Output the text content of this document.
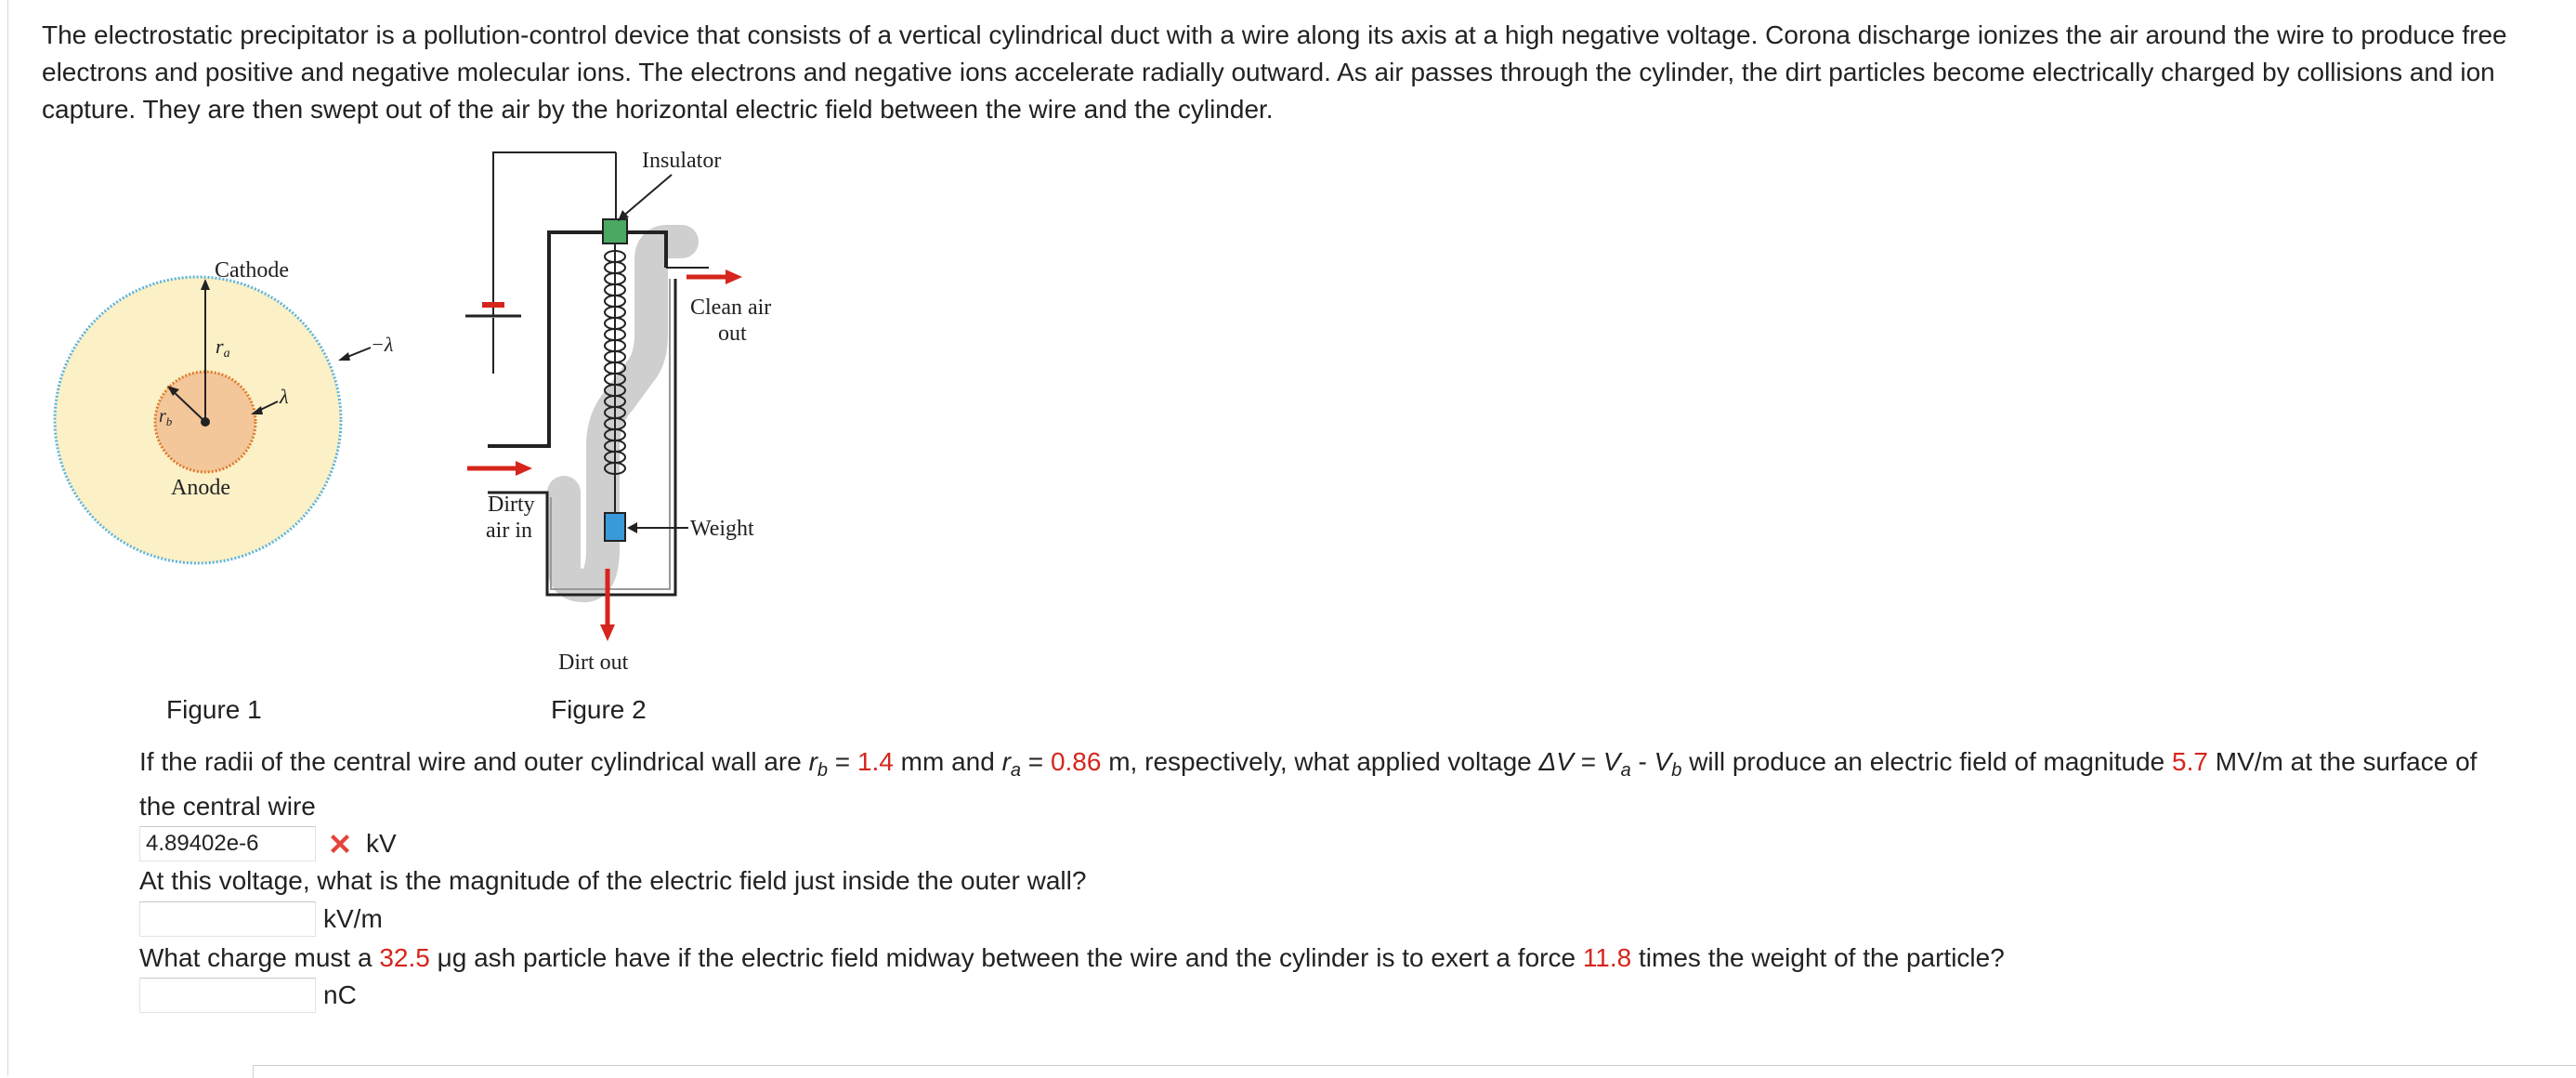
The electrostatic precipitator is a pollution-control device that consists of a vertical cylindrical duct with a wire along its axis at a high negative voltage. Corona discharge ionizes the air around the wire to produce free electrons and positive and negative molecular ions. The electrons and negative ions accelerate radially outward. As air passes through the cylinder, the dirt particles become electrically charged by collisions and ion capture. They are then swept out of the air by the horizontal electric field between the wire and the cylinder.
Cathode
Anode
ra
$r_b$
λ
−λ
Insulator
Weight
Clean air
out
Dirty
air in
Dirt out
Figure 1	Figure 2
If the radii of the central wire and outer cylindrical wall are $r_b = 1.4$ mm and $r_a = 0.86$ m, respectively, what applied voltage $\Delta V = V_a - V_b$ will produce an electric field of magnitude 5.7 MV/m at the surface of the central wire
4.89402e-6
kV
At this voltage, what is the magnitude of the electric field just inside the outer wall?
kV/m
What charge must a 32.5 μg ash particle have if the electric field midway between the wire and the cylinder is to exert a force 11.8 times the weight of the particle?
nC
